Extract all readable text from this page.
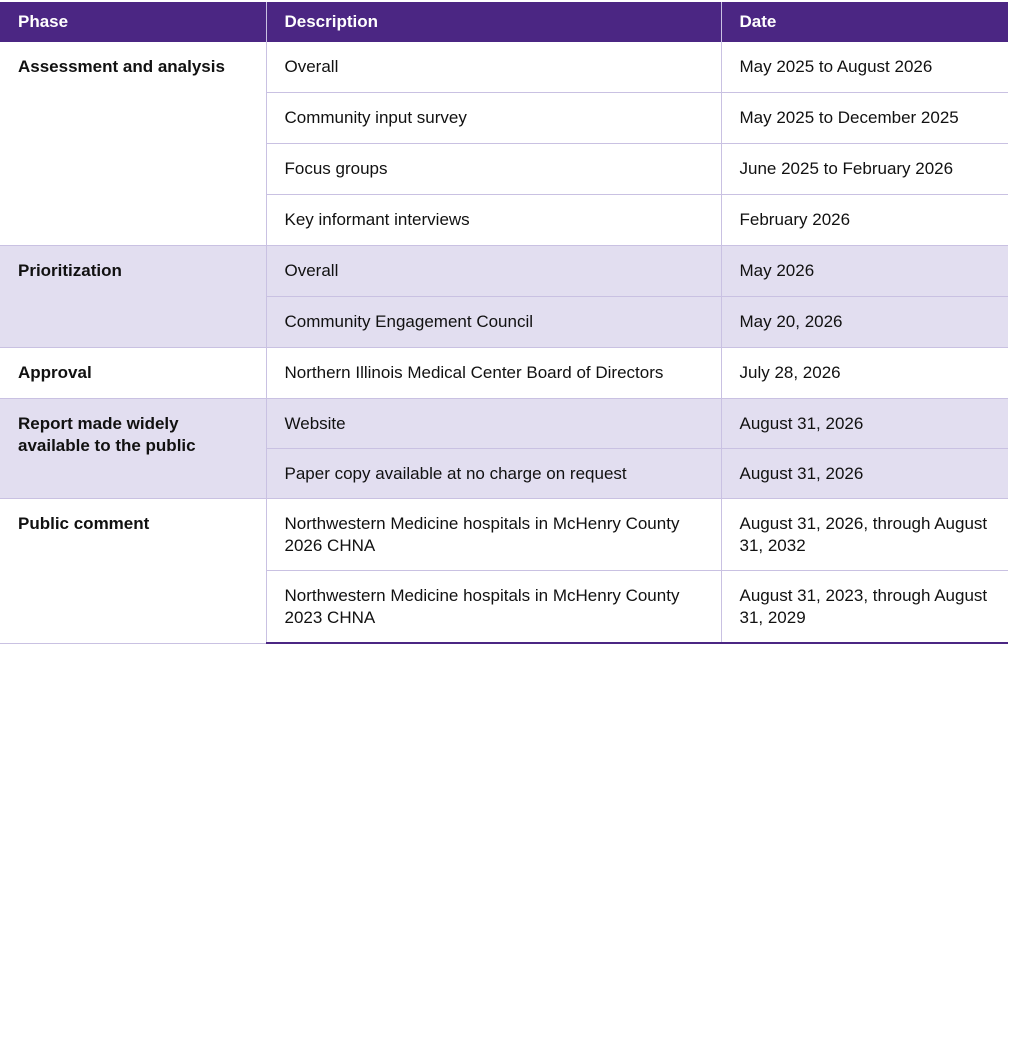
Phase	Description	Date
Assessment and analysis	Overall	May 2025 to August 2026
	Community input survey	May 2025 to December 2025
	Focus groups	June 2025 to February 2026
	Key informant interviews	February 2026
Prioritization	Overall	May 2026
	Community Engagement Council	May 20, 2026
Approval	Northern Illinois Medical Center Board of Directors	July 28, 2026
Report made widely available to the public	Website	August 31, 2026
	Paper copy available at no charge on request	August 31, 2026
Public comment	Northwestern Medicine hospitals in McHenry County 2026 CHNA	August 31, 2026, through August 31, 2032
	Northwestern Medicine hospitals in McHenry County 2023 CHNA	August 31, 2023, through August 31, 2029
